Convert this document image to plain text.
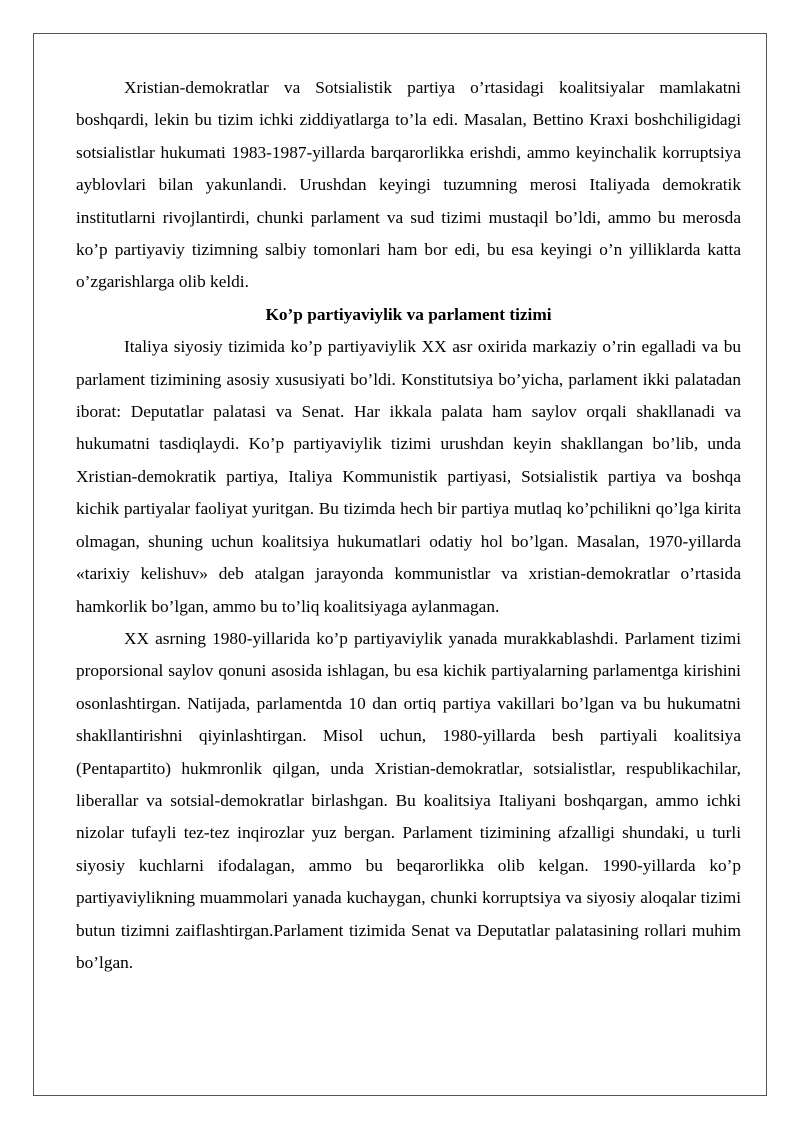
Xristian-demokratlar va Sotsialistik partiya o’rtasidagi koalitsiyalar mamlakatni boshqardi, lekin bu tizim ichki ziddiyatlarga to’la edi. Masalan, Bettino Kraxi boshchiligidagi sotsialistlar hukumati 1983-1987-yillarda barqarorlikka erishdi, ammo keyinchalik korruptsiya ayblovlari bilan yakunlandi. Urushdan keyingi tuzumning merosi Italiyada demokratik institutlarni rivojlantirdi, chunki parlament va sud tizimi mustaqil bo’ldi, ammo bu merosda ko’p partiyaviy tizimning salbiy tomonlari ham bor edi, bu esa keyingi o’n yilliklarda katta o’zgarishlarga olib keldi.

Ko’p partiyaviylik va parlament tizimi

Italiya siyosiy tizimida ko’p partiyaviylik XX asr oxirida markaziy o’rin egalladi va bu parlament tizimining asosiy xususiyati bo’ldi. Konstitutsiya bo’yicha, parlament ikki palatadan iborat: Deputatlar palatasi va Senat. Har ikkala palata ham saylov orqali shakllanadi va hukumatni tasdiqlaydi. Ko’p partiyaviylik tizimi urushdan keyin shakllangan bo’lib, unda Xristian-demokratik partiya, Italiya Kommunistik partiyasi, Sotsialistik partiya va boshqa kichik partiyalar faoliyat yuritgan. Bu tizimda hech bir partiya mutlaq ko’pchilikni qo’lga kirita olmagan, shuning uchun koalitsiya hukumatlari odatiy hol bo’lgan. Masalan, 1970-yillarda «tarixiy kelishuv» deb atalgan jarayonda kommunistlar va xristian-demokratlar o’rtasida hamkorlik bo’lgan, ammo bu to’liq koalitsiyaga aylanmagan.

XX asrning 1980-yillarida ko’p partiyaviylik yanada murakkablashdi. Parlament tizimi proporsional saylov qonuni asosida ishlagan, bu esa kichik partiyalarning parlamentga kirishini osonlashtirgan. Natijada, parlamentda 10 dan ortiq partiya vakillari bo’lgan va bu hukumatni shakllantirishni qiyinlashtirgan. Misol uchun, 1980-yillarda besh partiyali koalitsiya (Pentapartito) hukmronlik qilgan, unda Xristian-demokratlar, sotsialistlar, respublikachilar, liberallar va sotsial-demokratlar birlashgan. Bu koalitsiya Italiyani boshqargan, ammo ichki nizolar tufayli tez-tez inqirozlar yuz bergan. Parlament tizimining afzalligi shundaki, u turli siyosiy kuchlarni ifodalagan, ammo bu beqarorlikka olib kelgan. 1990-yillarda ko’p partiyaviylikning muammolari yanada kuchaygan, chunki korruptsiya va siyosiy aloqalar tizimi butun tizimni zaiflashtirgan.Parlament tizimida Senat va Deputatlar palatasining rollari muhim bo’lgan.
